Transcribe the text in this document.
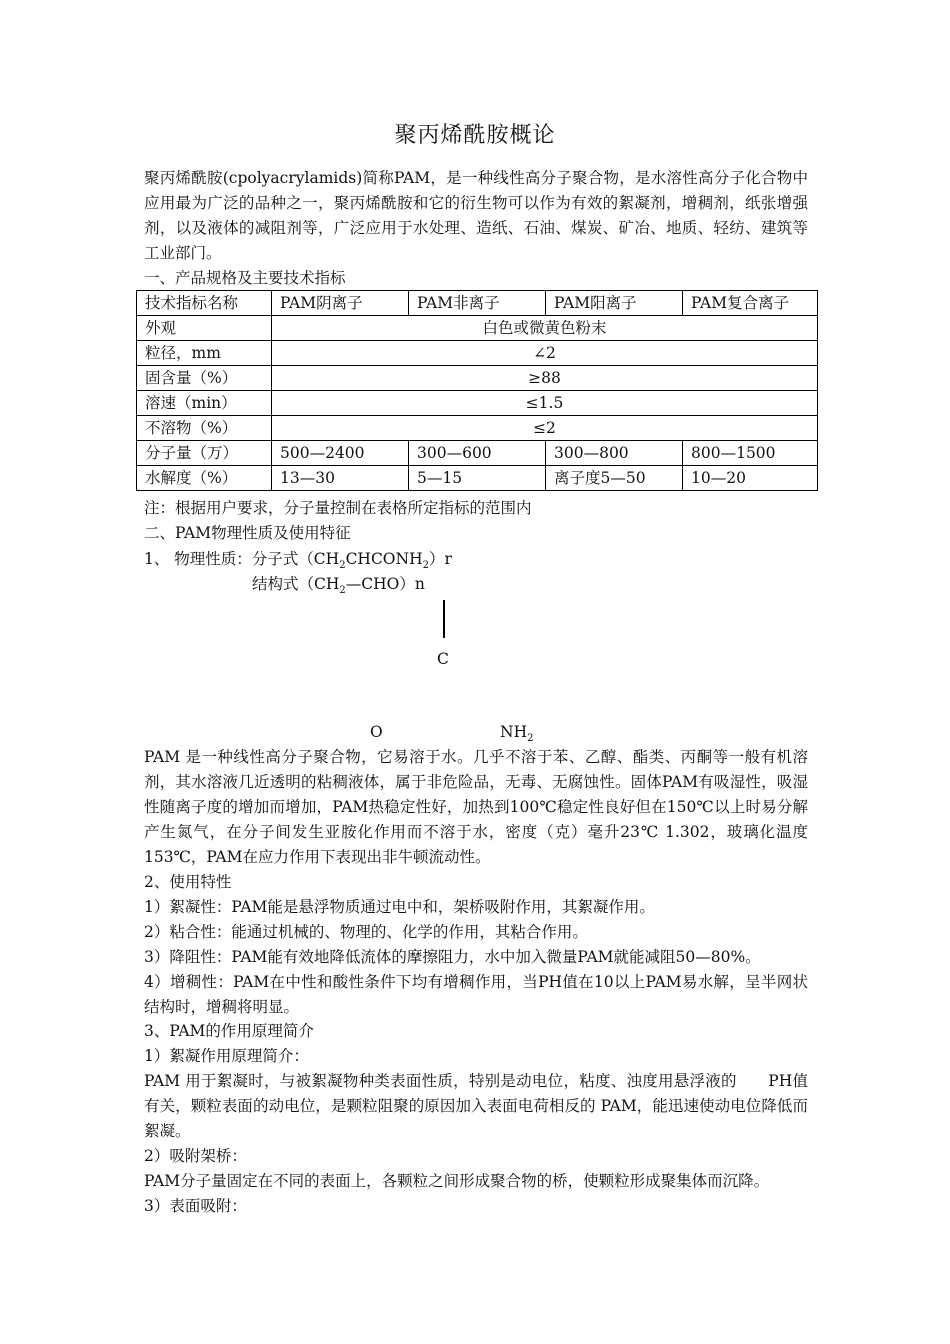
聚丙烯酰胺概论
聚丙烯酰胺(cpolyacrylamids)简称PAM，是一种线性高分子聚合物，是水溶性高分子化合物中应用最为广泛的品种之一，聚丙烯酰胺和它的衍生物可以作为有效的絮凝剂，增稠剂，纸张增强剂，以及液体的减阻剂等，广泛应用于水处理、造纸、石油、煤炭、矿冶、地质、轻纺、建筑等工业部门。
一、产品规格及主要技术指标
技术指标名称	PAM阴离子	PAM非离子	PAM阳离子	PAM复合离子
外观	白色或微黄色粉末			
粒径，mm	∠2			
固含量（%）	≥88			
溶速（min）	≤1.5			
不溶物（%）	≤2			
分子量（万）	500—2400	300—600	300—800	800—1500
水解度（%）	13—30	5—15	离子度5—50	10—20
注：根据用户要求，分子量控制在表格所定指标的范围内
二、PAM物理性质及使用特征
1、 物理性质：分子式$(CH_2CHCONH_2)r$
结构式$(CH_2—CHO)n$
C
O	$NH_2$
PAM 是一种线性高分子聚合物，它易溶于水。几乎不溶于苯、乙醇、酯类、丙酮等一般有机溶剂，其水溶液几近透明的粘稠液体，属于非危险品，无毒、无腐蚀性。固体PAM有吸湿性，吸湿性随离子度的增加而增加，PAM热稳定性好，加热到100℃稳定性良好但在150℃以上时易分解产生氮气，在分子间发生亚胺化作用而不溶于水，密度（克）毫升23℃ 1.302，玻璃化温度153℃，PAM在应力作用下表现出非牛顿流动性。
2、使用特性
1）絮凝性：PAM能是悬浮物质通过电中和，架桥吸附作用，其絮凝作用。
2）粘合性：能通过机械的、物理的、化学的作用，其粘合作用。
3）降阻性：PAM能有效地降低流体的摩擦阻力，水中加入微量PAM就能减阻50—80%。
4）增稠性：PAM在中性和酸性条件下均有增稠作用，当PH值在10以上PAM易水解，呈半网状结构时，增稠将明显。
3、PAM的作用原理简介
1）絮凝作用原理简介：
PAM 用于絮凝时，与被絮凝物种类表面性质，特别是动电位，粘度、浊度用悬浮液的　　PH值有关，颗粒表面的动电位，是颗粒阻聚的原因加入表面电荷相反的 PAM，能迅速使动电位降低而絮凝。
2）吸附架桥：
PAM分子量固定在不同的表面上，各颗粒之间形成聚合物的桥，使颗粒形成聚集体而沉降。
3）表面吸附：
